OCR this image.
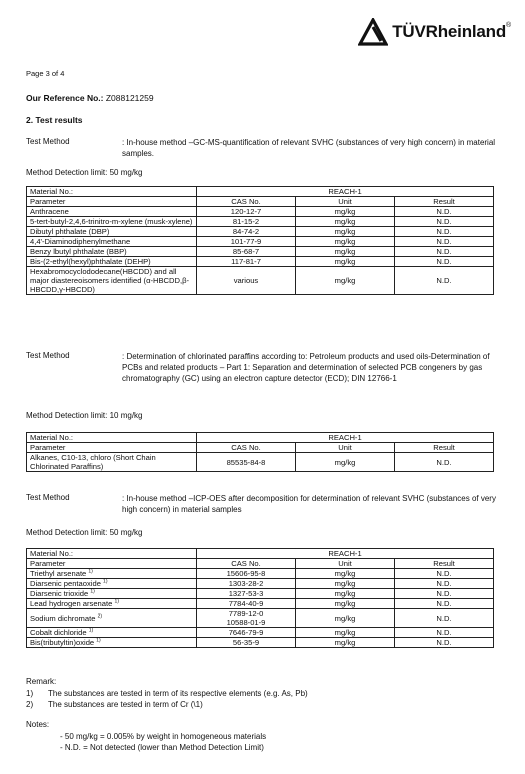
TÜVRheinland®
Page 3 of 4
Our Reference No.: Z088121259
2. Test results
Test Method	: In-house method –GC-MS-quantification of relevant SVHC (substances of very high concern) in material samples.
Method Detection limit: 50 mg/kg
Material No.:	REACH-1		
Parameter	CAS No.	Unit	Result
Anthracene	120-12-7	mg/kg	N.D.
5-tert-butyl-2,4,6-trinitro-m-xylene (musk-xylene)	81-15-2	mg/kg	N.D.
Dibutyl phthalate (DBP)	84-74-2	mg/kg	N.D.
4,4'-Diaminodiphenylmethane	101-77-9	mg/kg	N.D.
Benzy lbutyl phthalate (BBP)	85-68-7	mg/kg	N.D.
Bis-(2-ethyl(hexyl)phthalate (DEHP)	117-81-7	mg/kg	N.D.
Hexabromocyclododecane(HBCDD) and all major diastereoisomers identified (α-HBCDD,β-HBCDD,γ-HBCDD)	various	mg/kg	N.D.
Test Method	: Determination of chlorinated paraffins according to: Petroleum products and used oils-Determination of PCBs and related products – Part 1: Separation and determination of selected PCB congeners by gas chromatography (GC) using an electron capture detector (ECD); DIN 12766-1
Method Detection limit: 10 mg/kg
Material No.:	REACH-1		
Parameter	CAS No.	Unit	Result
Alkanes, C10-13, chloro (Short Chain Chlorinated Paraffins)	85535-84-8	mg/kg	N.D.
Test Method	: In-house method –ICP-OES after decomposition for determination of relevant SVHC (substances of very high concern) in material samples
Method Detection limit: 50 mg/kg
Material No.:	REACH-1		
Parameter	CAS No.	Unit	Result
Triethyl arsenate $^{1)}$	15606-95-8	mg/kg	N.D.
Diarsenic pentaoxide $^{1)}$	1303-28-2	mg/kg	N.D.
Diarsenic trioxide $^{1)}$	1327-53-3	mg/kg	N.D.
Lead hydrogen arsenate $^{1)}$	7784-40-9	mg/kg	N.D.
Sodium dichromate $^{2)}$	7789-12-0
10588-01-9	mg/kg	N.D.
Cobalt dichloride $^{1)}$	7646-79-9	mg/kg	N.D.
Bis(tributyltin)oxide $^{1)}$	56-35-9	mg/kg	N.D.
Remark:
1)	The substances are tested in term of its respective elements (e.g. As, Pb)
2)	The substances are tested in term of Cr (\1)
Notes:
- 50 mg/kg = 0.005% by weight in homogeneous materials
- N.D. = Not detected (lower than Method Detection Limit)
